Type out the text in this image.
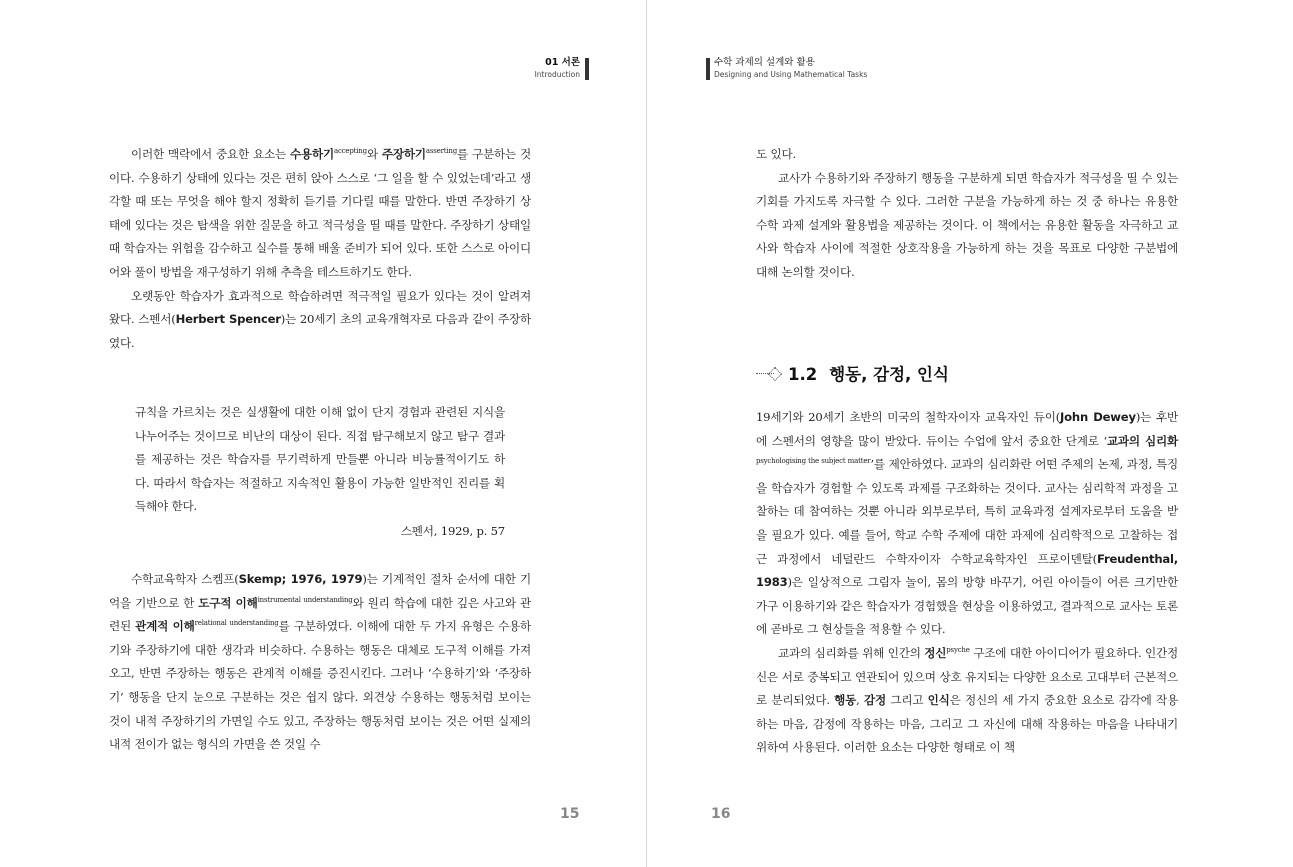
01 서론
Introduction

이러한 맥락에서 중요한 요소는 수용하기$^{accepting}$와 주장하기$^{asserting}$를 구분하는 것이다. 수용하기 상태에 있다는 것은 편히 앉아 스스로 ‘그 일을 할 수 있었는데’라고 생각할 때 또는 무엇을 해야 할지 정확히 듣기를 기다릴 때를 말한다. 반면 주장하기 상태에 있다는 것은 탐색을 위한 질문을 하고 적극성을 띨 때를 말한다. 주장하기 상태일 때 학습자는 위험을 감수하고 실수를 통해 배울 준비가 되어 있다. 또한 스스로 아이디어와 풀이 방법을 재구성하기 위해 추측을 테스트하기도 한다.

오랫동안 학습자가 효과적으로 학습하려면 적극적일 필요가 있다는 것이 알려져 왔다. 스펜서(Herbert Spencer)는 20세기 초의 교육개혁자로 다음과 같이 주장하였다.

규칙을 가르치는 것은 실생활에 대한 이해 없이 단지 경험과 관련된 지식을 나누어주는 것이므로 비난의 대상이 된다. 직접 탐구해보지 않고 탐구 결과를 제공하는 것은 학습자를 무기력하게 만들뿐 아니라 비능률적이기도 하다. 따라서 학습자는 적절하고 지속적인 활용이 가능한 일반적인 진리를 획득해야 한다.

스펜서, 1929, p. 57

수학교육학자 스켐프(Skemp; 1976, 1979)는 기계적인 절차 순서에 대한 기억을 기반으로 한 도구적 이해$^{instrumental understanding}$와 원리 학습에 대한 깊은 사고와 관련된 관계적 이해$^{relational understanding}$를 구분하였다. 이해에 대한 두 가지 유형은 수용하기와 주장하기에 대한 생각과 비슷하다. 수용하는 행동은 대체로 도구적 이해를 가져오고, 반면 주장하는 행동은 관계적 이해를 증진시킨다. 그러나 ‘수용하기’와 ‘주장하기’ 행동을 단지 눈으로 구분하는 것은 쉽지 않다. 외견상 수용하는 행동처럼 보이는 것이 내적 주장하기의 가면일 수도 있고, 주장하는 행동처럼 보이는 것은 어떤 실제의 내적 전이가 없는 형식의 가면을 쓴 것일 수

15
수학 과제의 설계와 활용
Designing and Using Mathematical Tasks

도 있다.

교사가 수용하기와 주장하기 행동을 구분하게 되면 학습자가 적극성을 띨 수 있는 기회를 가지도록 자극할 수 있다. 그러한 구분을 가능하게 하는 것 중 하나는 유용한 수학 과제 설계와 활용법을 제공하는 것이다. 이 책에서는 유용한 활동을 자극하고 교사와 학습자 사이에 적절한 상호작용을 가능하게 하는 것을 목표로 다양한 구분법에 대해 논의할 것이다.

1.2 행동, 감정, 인식

19세기와 20세기 초반의 미국의 철학자이자 교육자인 듀이(John Dewey)는 후반에 스펜서의 영향을 많이 받았다. 듀이는 수업에 앞서 중요한 단계로 ‘교과의 심리화$^{psychologising the subject matter}$’를 제안하였다. 교과의 심리화란 어떤 주제의 논제, 과정, 특징을 학습자가 경험할 수 있도록 과제를 구조화하는 것이다. 교사는 심리학적 과정을 고찰하는 데 참여하는 것뿐 아니라 외부로부터, 특히 교육과정 설계자로부터 도움을 받을 필요가 있다. 예를 들어, 학교 수학 주제에 대한 과제에 심리학적으로 고찰하는 접근 과정에서 네덜란드 수학자이자 수학교육학자인 프로이덴탈(Freudenthal, 1983)은 일상적으로 그림자 놀이, 몸의 방향 바꾸기, 어린 아이들이 어른 크기만한 가구 이용하기와 같은 학습자가 경험했을 현상을 이용하였고, 결과적으로 교사는 토론에 곧바로 그 현상들을 적용할 수 있다.

교과의 심리화를 위해 인간의 정신$^{psyche}$ 구조에 대한 아이디어가 필요하다. 인간정신은 서로 중복되고 연관되어 있으며 상호 유지되는 다양한 요소로 고대부터 근본적으로 분리되었다. 행동, 감정 그리고 인식은 정신의 세 가지 중요한 요소로 감각에 작용하는 마음, 감정에 작용하는 마음, 그리고 그 자신에 대해 작용하는 마음을 나타내기 위하여 사용된다. 이러한 요소는 다양한 형태로 이 책

16
